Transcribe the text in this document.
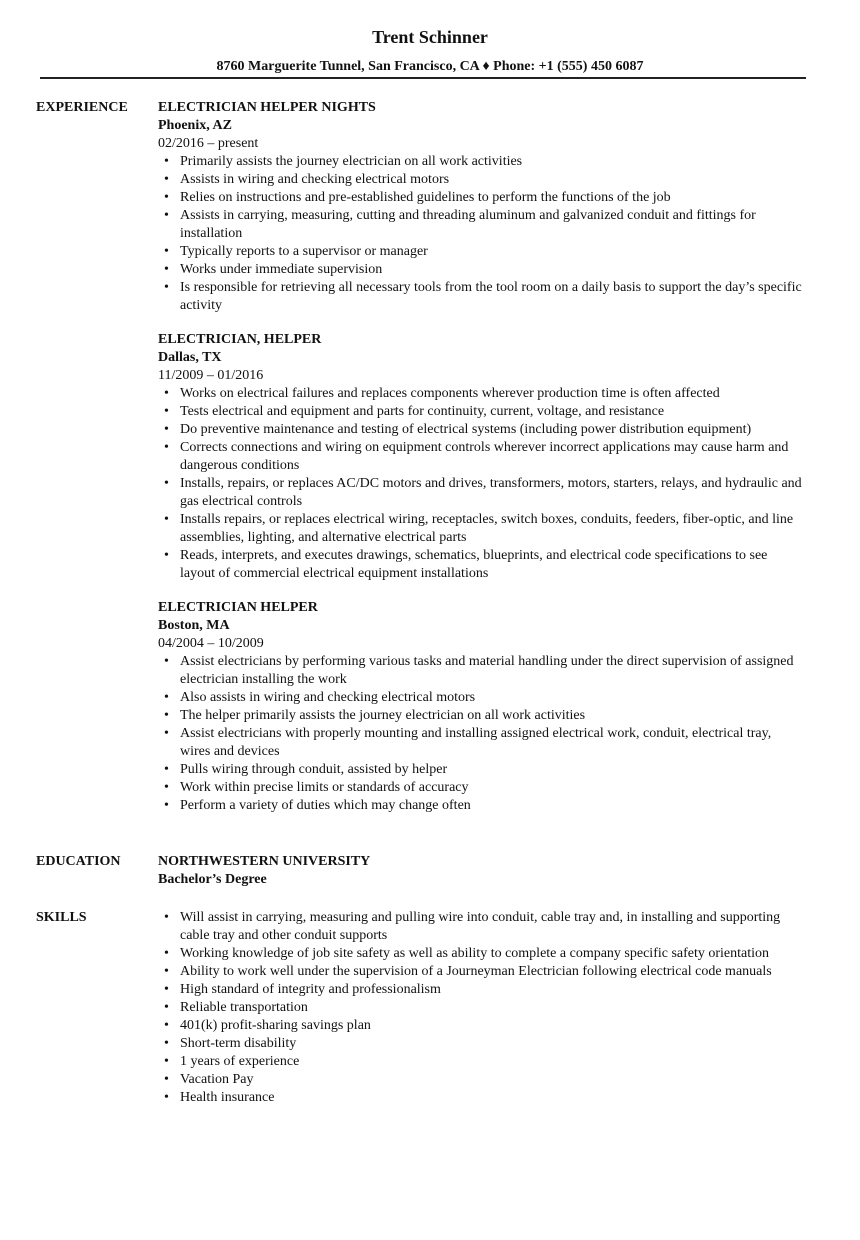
Trent Schinner
8760 Marguerite Tunnel, San Francisco, CA ♦ Phone: +1 (555) 450 6087
EXPERIENCE	ELECTRICIAN HELPER NIGHTS
Phoenix, AZ
02/2016 – present
• Primarily assists the journey electrician on all work activities
• Assists in wiring and checking electrical motors
• Relies on instructions and pre-established guidelines to perform the functions of the job
• Assists in carrying, measuring, cutting and threading aluminum and galvanized conduit and fittings for installation
• Typically reports to a supervisor or manager
• Works under immediate supervision
• Is responsible for retrieving all necessary tools from the tool room on a daily basis to support the day’s specific activity
ELECTRICIAN, HELPER
Dallas, TX
11/2009 – 01/2016
• Works on electrical failures and replaces components wherever production time is often affected
• Tests electrical and equipment and parts for continuity, current, voltage, and resistance
• Do preventive maintenance and testing of electrical systems (including power distribution equipment)
• Corrects connections and wiring on equipment controls wherever incorrect applications may cause harm and dangerous conditions
• Installs, repairs, or replaces AC/DC motors and drives, transformers, motors, starters, relays, and hydraulic and gas electrical controls
• Installs repairs, or replaces electrical wiring, receptacles, switch boxes, conduits, feeders, fiber-optic, and line assemblies, lighting, and alternative electrical parts
• Reads, interprets, and executes drawings, schematics, blueprints, and electrical code specifications to see layout of commercial electrical equipment installations
ELECTRICIAN HELPER
Boston, MA
04/2004 – 10/2009
• Assist electricians by performing various tasks and material handling under the direct supervision of assigned electrician installing the work
• Also assists in wiring and checking electrical motors
• The helper primarily assists the journey electrician on all work activities
• Assist electricians with properly mounting and installing assigned electrical work, conduit, electrical tray, wires and devices
• Pulls wiring through conduit, assisted by helper
• Work within precise limits or standards of accuracy
• Perform a variety of duties which may change often
EDUCATION	NORTHWESTERN UNIVERSITY
Bachelor’s Degree
SKILLS
•	Will assist in carrying, measuring and pulling wire into conduit, cable tray and, in installing and supporting cable tray and other conduit supports
• Working knowledge of job site safety as well as ability to complete a company specific safety orientation
• Ability to work well under the supervision of a Journeyman Electrician following electrical code manuals
• High standard of integrity and professionalism
• Reliable transportation
• 401(k) profit-sharing savings plan
• Short-term disability
• 1 years of experience
• Vacation Pay
• Health insurance
